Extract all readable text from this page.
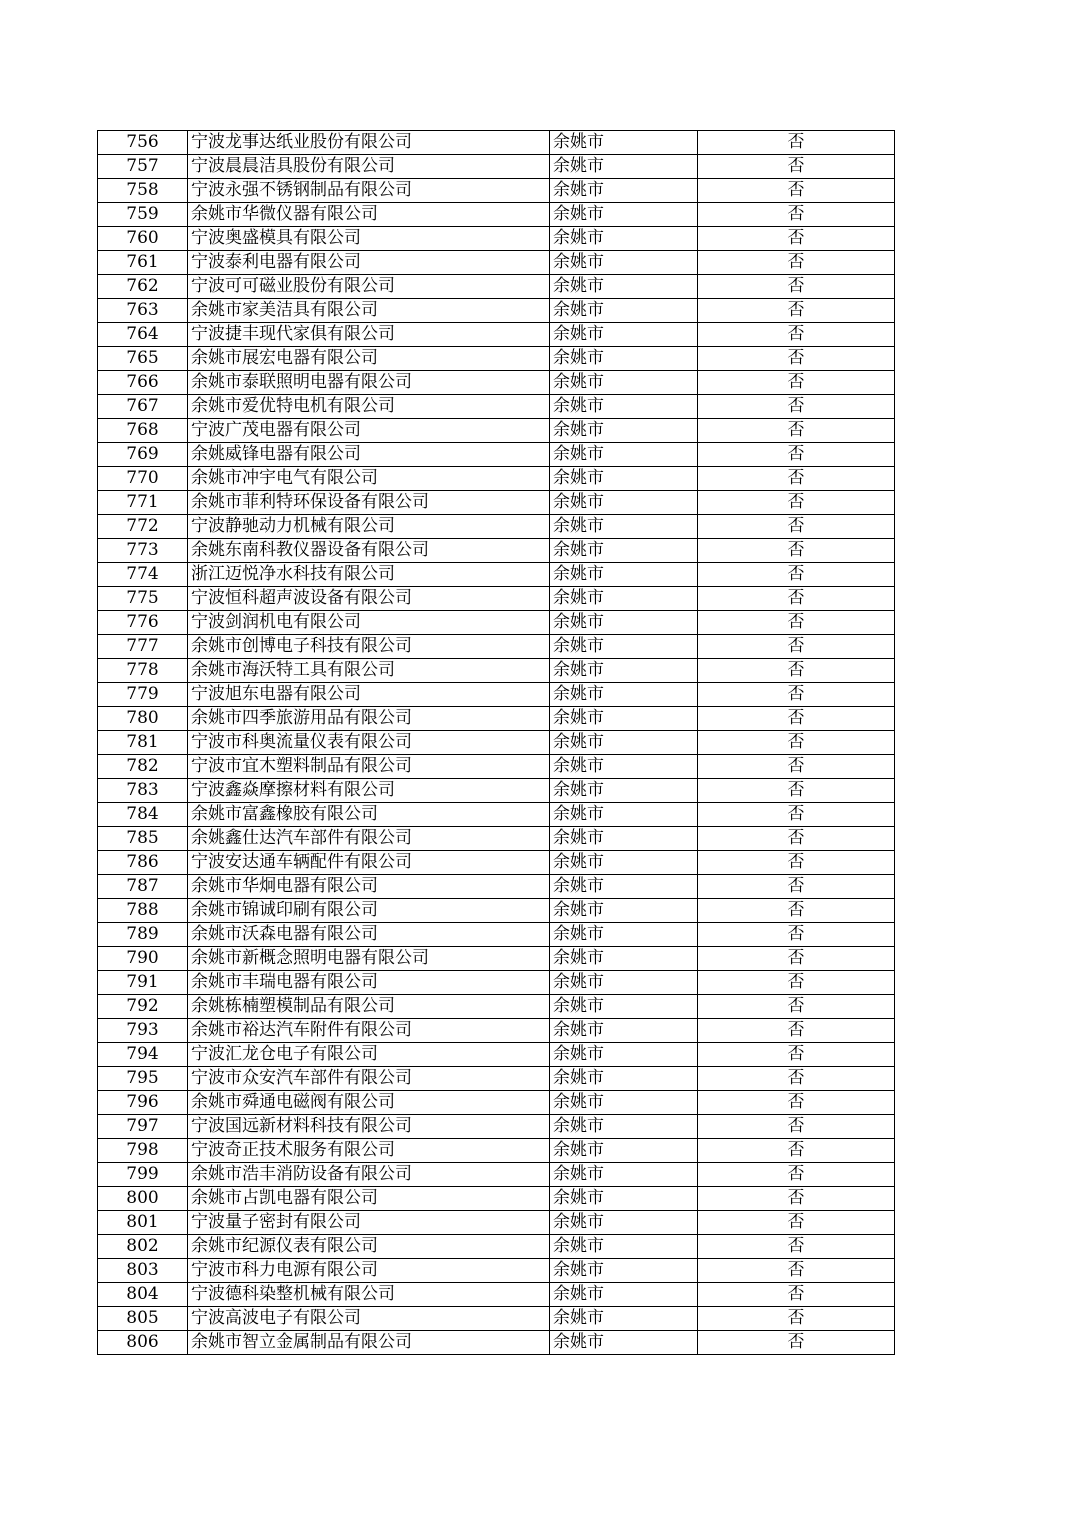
756	宁波龙事达纸业股份有限公司	余姚市	否
757	宁波晨晨洁具股份有限公司	余姚市	否
758	宁波永强不锈钢制品有限公司	余姚市	否
759	余姚市华微仪器有限公司	余姚市	否
760	宁波奥盛模具有限公司	余姚市	否
761	宁波泰利电器有限公司	余姚市	否
762	宁波可可磁业股份有限公司	余姚市	否
763	余姚市家美洁具有限公司	余姚市	否
764	宁波捷丰现代家俱有限公司	余姚市	否
765	余姚市展宏电器有限公司	余姚市	否
766	余姚市泰联照明电器有限公司	余姚市	否
767	余姚市爱优特电机有限公司	余姚市	否
768	宁波广茂电器有限公司	余姚市	否
769	余姚威锋电器有限公司	余姚市	否
770	余姚市冲宇电气有限公司	余姚市	否
771	余姚市菲利特环保设备有限公司	余姚市	否
772	宁波静驰动力机械有限公司	余姚市	否
773	余姚东南科教仪器设备有限公司	余姚市	否
774	浙江迈悦净水科技有限公司	余姚市	否
775	宁波恒科超声波设备有限公司	余姚市	否
776	宁波剑润机电有限公司	余姚市	否
777	余姚市创博电子科技有限公司	余姚市	否
778	余姚市海沃特工具有限公司	余姚市	否
779	宁波旭东电器有限公司	余姚市	否
780	余姚市四季旅游用品有限公司	余姚市	否
781	宁波市科奥流量仪表有限公司	余姚市	否
782	宁波市宜木塑料制品有限公司	余姚市	否
783	宁波鑫焱摩擦材料有限公司	余姚市	否
784	余姚市富鑫橡胶有限公司	余姚市	否
785	余姚鑫仕达汽车部件有限公司	余姚市	否
786	宁波安达通车辆配件有限公司	余姚市	否
787	余姚市华炯电器有限公司	余姚市	否
788	余姚市锦诚印刷有限公司	余姚市	否
789	余姚市沃森电器有限公司	余姚市	否
790	余姚市新概念照明电器有限公司	余姚市	否
791	余姚市丰瑞电器有限公司	余姚市	否
792	余姚栋楠塑模制品有限公司	余姚市	否
793	余姚市裕达汽车附件有限公司	余姚市	否
794	宁波汇龙仓电子有限公司	余姚市	否
795	宁波市众安汽车部件有限公司	余姚市	否
796	余姚市舜通电磁阀有限公司	余姚市	否
797	宁波国远新材料科技有限公司	余姚市	否
798	宁波奇正技术服务有限公司	余姚市	否
799	余姚市浩丰消防设备有限公司	余姚市	否
800	余姚市占凯电器有限公司	余姚市	否
801	宁波量子密封有限公司	余姚市	否
802	余姚市纪源仪表有限公司	余姚市	否
803	宁波市科力电源有限公司	余姚市	否
804	宁波德科染整机械有限公司	余姚市	否
805	宁波高波电子有限公司	余姚市	否
806	余姚市智立金属制品有限公司	余姚市	否
